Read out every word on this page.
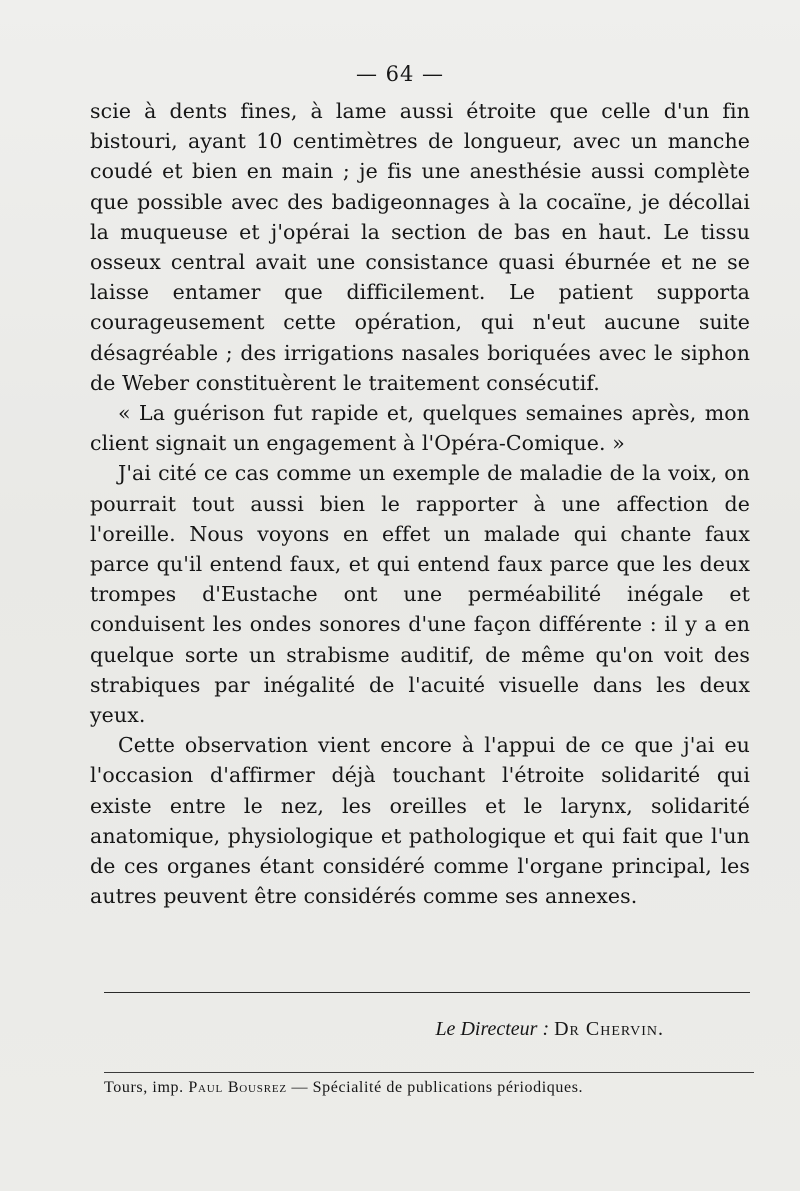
— 64 —

scie à dents fines, à lame aussi étroite que celle d'un fin bistouri, ayant 10 centimètres de longueur, avec un manche coudé et bien en main ; je fis une anesthésie aussi complète que possible avec des badigeonnages à la cocaïne, je décollai la muqueuse et j'opérai la section de bas en haut. Le tissu osseux central avait une consistance quasi éburnée et ne se laisse entamer que difficilement. Le patient supporta courageusement cette opération, qui n'eut aucune suite désagréable ; des irrigations nasales boriquées avec le siphon de Weber constituèrent le traitement consécutif.

« La guérison fut rapide et, quelques semaines après, mon client signait un engagement à l'Opéra-Comique. »

J'ai cité ce cas comme un exemple de maladie de la voix, on pourrait tout aussi bien le rapporter à une affection de l'oreille. Nous voyons en effet un malade qui chante faux parce qu'il entend faux, et qui entend faux parce que les deux trompes d'Eustache ont une perméabilité inégale et conduisent les ondes sonores d'une façon différente : il y a en quelque sorte un strabisme auditif, de même qu'on voit des strabiques par inégalité de l'acuité visuelle dans les deux yeux.

Cette observation vient encore à l'appui de ce que j'ai eu l'occasion d'affirmer déjà touchant l'étroite solidarité qui existe entre le nez, les oreilles et le larynx, solidarité anatomique, physiologique et pathologique et qui fait que l'un de ces organes étant considéré comme l'organe principal, les autres peuvent être considérés comme ses annexes.

Le Directeur : Dr Chervin.
Tours, imp. Paul Bousrez — Spécialité de publications périodiques.
